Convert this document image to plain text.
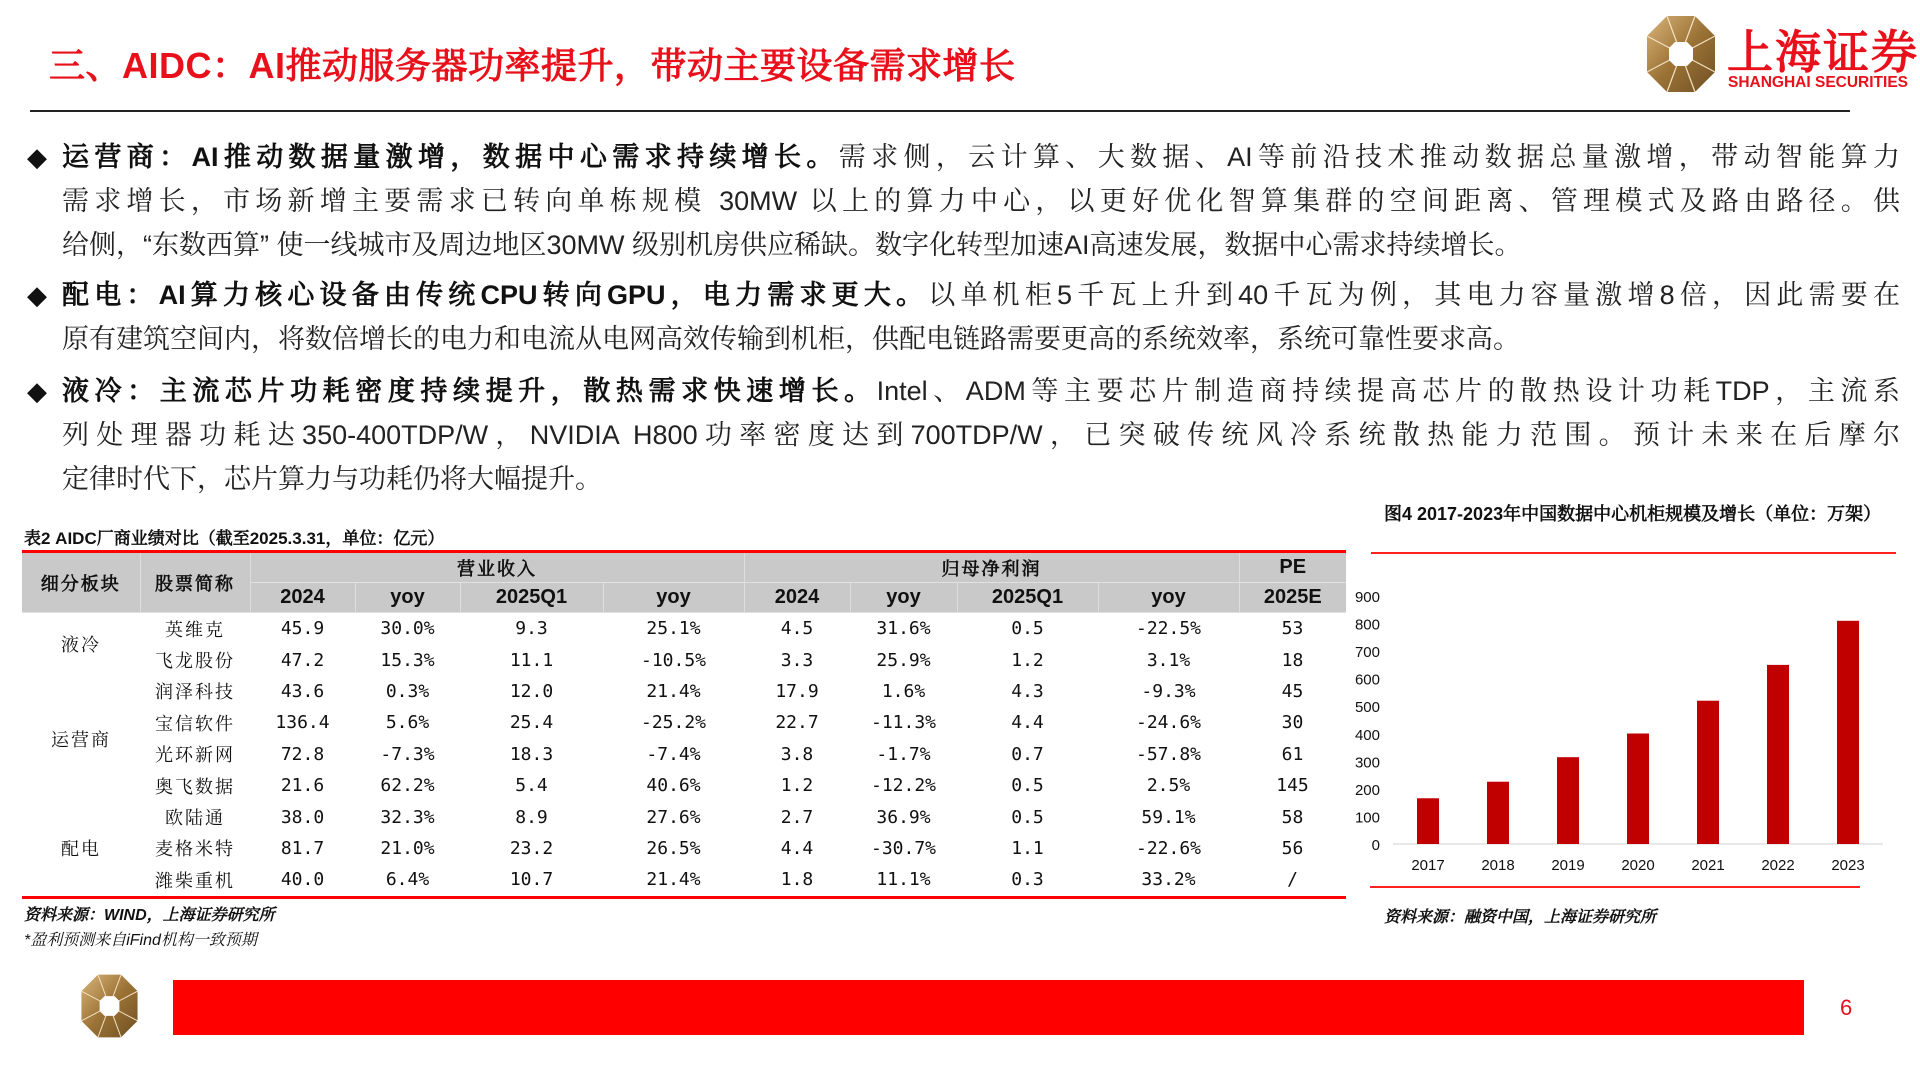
三、AIDC：AI推动服务器功率提升，带动主要设备需求增长	上海证券
SHANGHAI SECURITIES
◆ 运营商：AI推动数据量激增，数据中心需求持续增长。需求侧，云计算、大数据、AI等前沿技术推动数据总量激增，带动智能算力
需求增长，市场新增主要需求已转向单栋规模 30MW 以上的算力中心，以更好优化智算集群的空间距离、管理模式及路由路径。供
给侧，“东数西算” 使一线城市及周边地区30MW 级别机房供应稀缺。数字化转型加速AI高速发展，数据中心需求持续增长。
◆ 配电：AI算力核心设备由传统CPU转向GPU，电力需求更大。以单机柜5千瓦上升到40千瓦为例，其电力容量激增8倍，因此需要在
原有建筑空间内，将数倍增长的电力和电流从电网高效传输到机柜，供配电链路需要更高的系统效率，系统可靠性要求高。
◆ 液冷：主流芯片功耗密度持续提升，散热需求快速增长。Intel、ADM等主要芯片制造商持续提高芯片的散热设计功耗TDP，主流系
列处理器功耗达350-400TDP/W，NVIDIA H800功率密度达到700TDP/W，已突破传统风冷系统散热能力范围。预计未来在后摩尔
定律时代下，芯片算力与功耗仍将大幅提升。
表2 AIDC厂商业绩对比（截至2025.3.31，单位：亿元）
细分板块	股票简称	营业收入				归母净利润				PE
		2024	yoy	2025Q1	yoy	2024	yoy	2025Q1	yoy	2025E
液冷	英维克	45.9	30.0%	9.3	25.1%	4.5	31.6%	0.5	-22.5%	53
	飞龙股份	47.2	15.3%	11.1	-10.5%	3.3	25.9%	1.2	3.1%	18
运营商	润泽科技	43.6	0.3%	12.0	21.4%	17.9	1.6%	4.3	-9.3%	45
	宝信软件	136.4	5.6%	25.4	-25.2%	22.7	-11.3%	4.4	-24.6%	30
	光环新网	72.8	-7.3%	18.3	-7.4%	3.8	-1.7%	0.7	-57.8%	61
	奥飞数据	21.6	62.2%	5.4	40.6%	1.2	-12.2%	0.5	2.5%	145
配电	欧陆通	38.0	32.3%	8.9	27.6%	2.7	36.9%	0.5	59.1%	58
	麦格米特	81.7	21.0%	23.2	26.5%	4.4	-30.7%	1.1	-22.6%	56
	潍柴重机	40.0	6.4%	10.7	21.4%	1.8	11.1%	0.3	33.2%	/
资料来源：WIND，上海证券研究所
*盈利预测来自iFind机构一致预期
图4 2017-2023年中国数据中心机柜规模及增长（单位：万架）
0
100
200
300
400
500
600
700
800
900
2017 2018 2019 2020 2021 2022 2023
资料来源：融资中国，上海证券研究所
6
